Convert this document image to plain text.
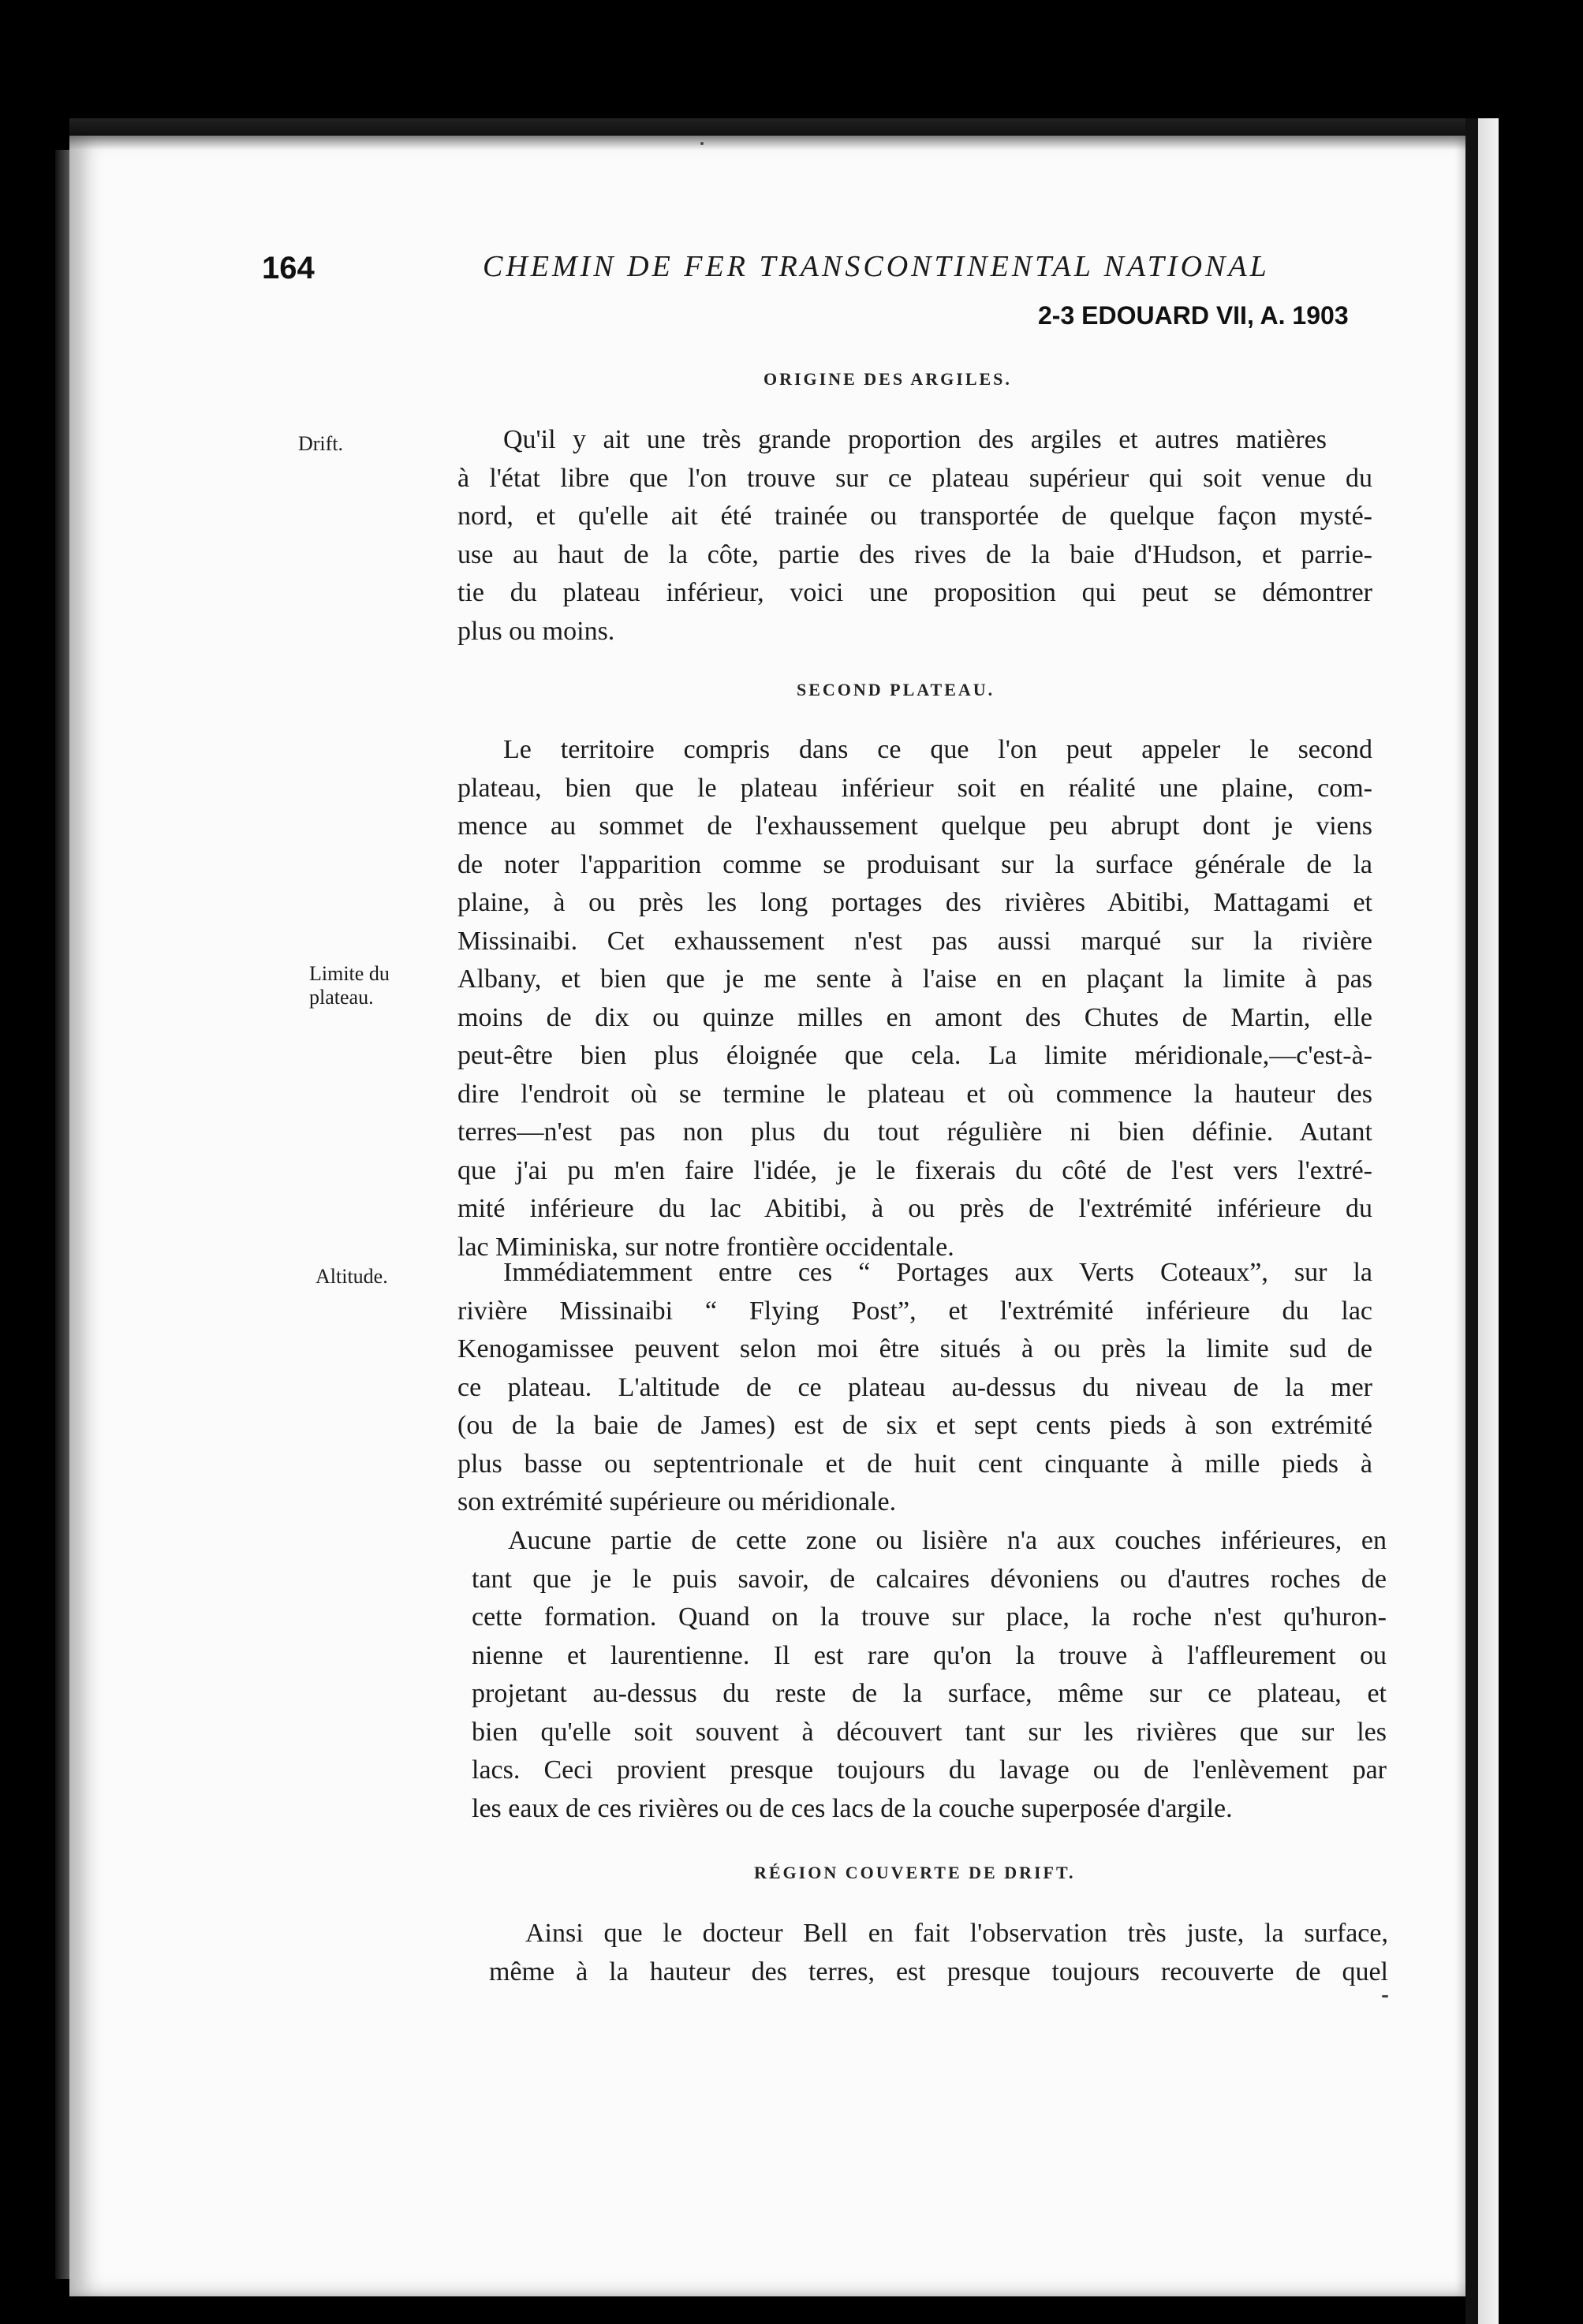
164	CHEMIN DE FER TRANSCONTINENTAL NATIONAL
2-3 EDOUARD VII, A. 1903
ORIGINE DES ARGILES.
Drift.	Qu'il y ait une très grande proportion des argiles et autres matières
à l'état libre que l'on trouve sur ce plateau supérieur qui soit venue du
nord, et qu'elle ait été trainée ou transportée de quelque façon mysté-
use au haut de la côte, partie des rives de la baie d'Hudson, et parrie-
tie du plateau inférieur, voici une proposition qui peut se démontrer
plus ou moins.
SECOND PLATEAU.
Limite du
plateau.
Le territoire compris dans ce que l'on peut appeler le second
plateau, bien que le plateau inférieur soit en réalité une plaine, com-
mence au sommet de l'exhaussement quelque peu abrupt dont je viens
de noter l'apparition comme se produisant sur la surface générale de la
plaine, à ou près les long portages des rivières Abitibi, Mattagami et
Missinaibi. Cet exhaussement n'est pas aussi marqué sur la rivière
Albany, et bien que je me sente à l'aise en en plaçant la limite à pas
moins de dix ou quinze milles en amont des Chutes de Martin, elle
peut-être bien plus éloignée que cela. La limite méridionale,—c'est-à-
dire l'endroit où se termine le plateau et où commence la hauteur des
terres—n'est pas non plus du tout régulière ni bien définie. Autant
que j'ai pu m'en faire l'idée, je le fixerais du côté de l'est vers l'extré-
mité inférieure du lac Abitibi, à ou près de l'extrémité inférieure du
lac Miminiska, sur notre frontière occidentale.
Altitude.	Immédiatemment entre ces “ Portages aux Verts Coteaux”, sur la
rivière Missinaibi “ Flying Post”, et l'extrémité inférieure du lac
Kenogamissee peuvent selon moi être situés à ou près la limite sud de
ce plateau. L'altitude de ce plateau au-dessus du niveau de la mer
(ou de la baie de James) est de six et sept cents pieds à son extrémité
plus basse ou septentrionale et de huit cent cinquante à mille pieds à
son extrémité supérieure ou méridionale.
Aucune partie de cette zone ou lisière n'a aux couches inférieures, en
tant que je le puis savoir, de calcaires dévoniens ou d'autres roches de
cette formation. Quand on la trouve sur place, la roche n'est qu'huron-
nienne et laurentienne. Il est rare qu'on la trouve à l'affleurement ou
projetant au-dessus du reste de la surface, même sur ce plateau, et
bien qu'elle soit souvent à découvert tant sur les rivières que sur les
lacs. Ceci provient presque toujours du lavage ou de l'enlèvement par
les eaux de ces rivières ou de ces lacs de la couche superposée d'argile.
RÉGION COUVERTE DE DRIFT.
Ainsi que le docteur Bell en fait l'observation très juste, la surface,
même à la hauteur des terres, est presque toujours recouverte de quel
